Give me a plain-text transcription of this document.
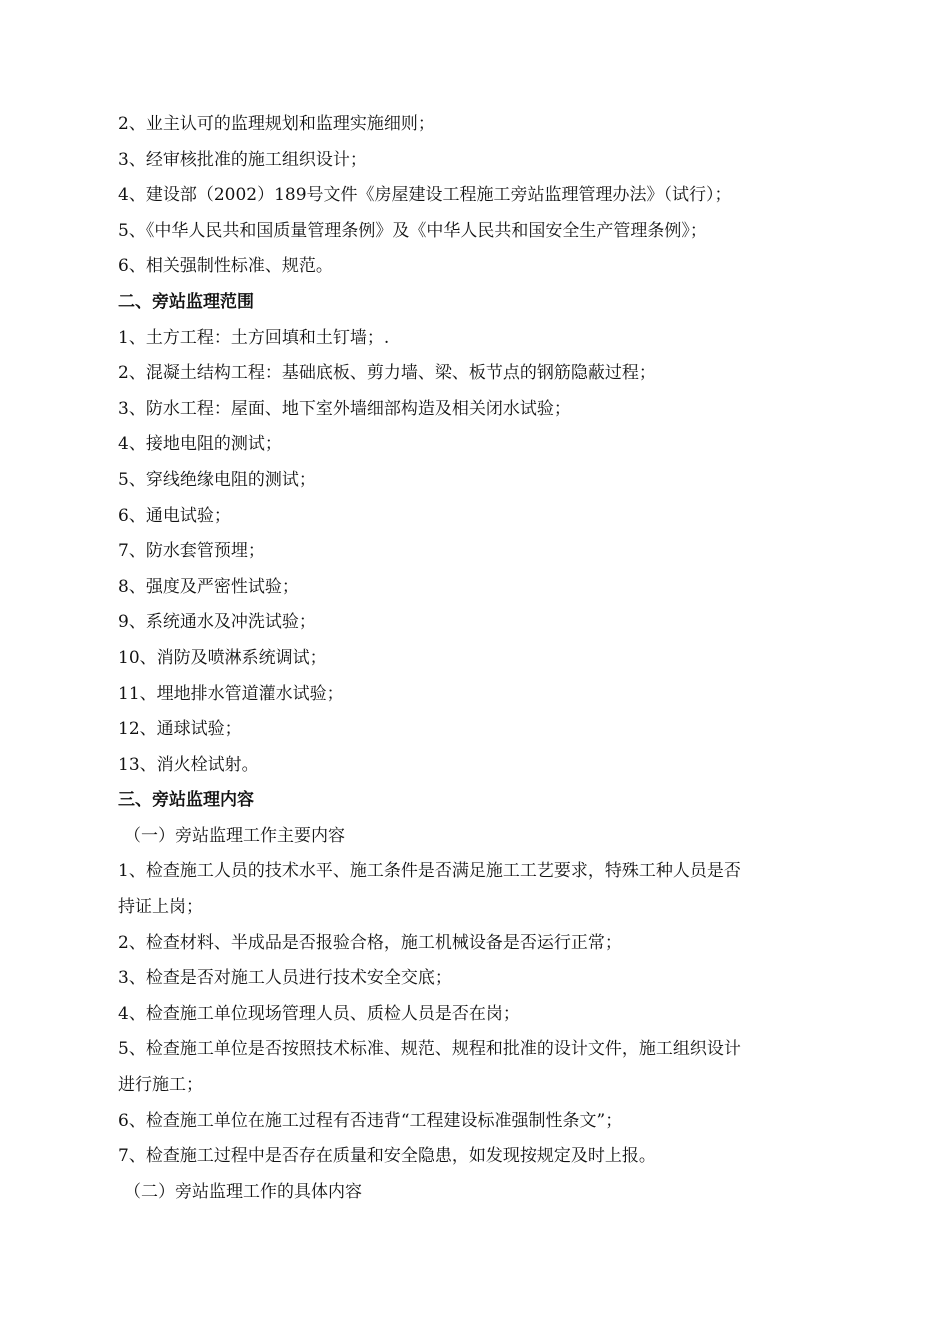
2、业主认可的监理规划和监理实施细则；
3、经审核批准的施工组织设计；
4、建设部（2002）189号文件《房屋建设工程施工旁站监理管理办法》（试行）；
5、《中华人民共和国质量管理条例》及《中华人民共和国安全生产管理条例》；
6、相关强制性标准、规范。
二、旁站监理范围
1、土方工程：土方回填和土钉墙；.
2、混凝土结构工程：基础底板、剪力墙、梁、板节点的钢筋隐蔽过程；
3、防水工程：屋面、地下室外墙细部构造及相关闭水试验；
4、接地电阻的测试；
5、穿线绝缘电阻的测试；
6、通电试验；
7、防水套管预埋；
8、强度及严密性试验；
9、系统通水及冲洗试验；
10、消防及喷淋系统调试；
11、埋地排水管道灌水试验；
12、通球试验；
13、消火栓试射。
三、旁站监理内容
（一）旁站监理工作主要内容
1、检查施工人员的技术水平、施工条件是否满足施工工艺要求，特殊工种人员是否
持证上岗；
2、检查材料、半成品是否报验合格，施工机械设备是否运行正常；
3、检查是否对施工人员进行技术安全交底；
4、检查施工单位现场管理人员、质检人员是否在岗；
5、检查施工单位是否按照技术标准、规范、规程和批准的设计文件，施工组织设计
进行施工；
6、检查施工单位在施工过程有否违背“工程建设标准强制性条文”；
7、检查施工过程中是否存在质量和安全隐患，如发现按规定及时上报。
（二）旁站监理工作的具体内容
